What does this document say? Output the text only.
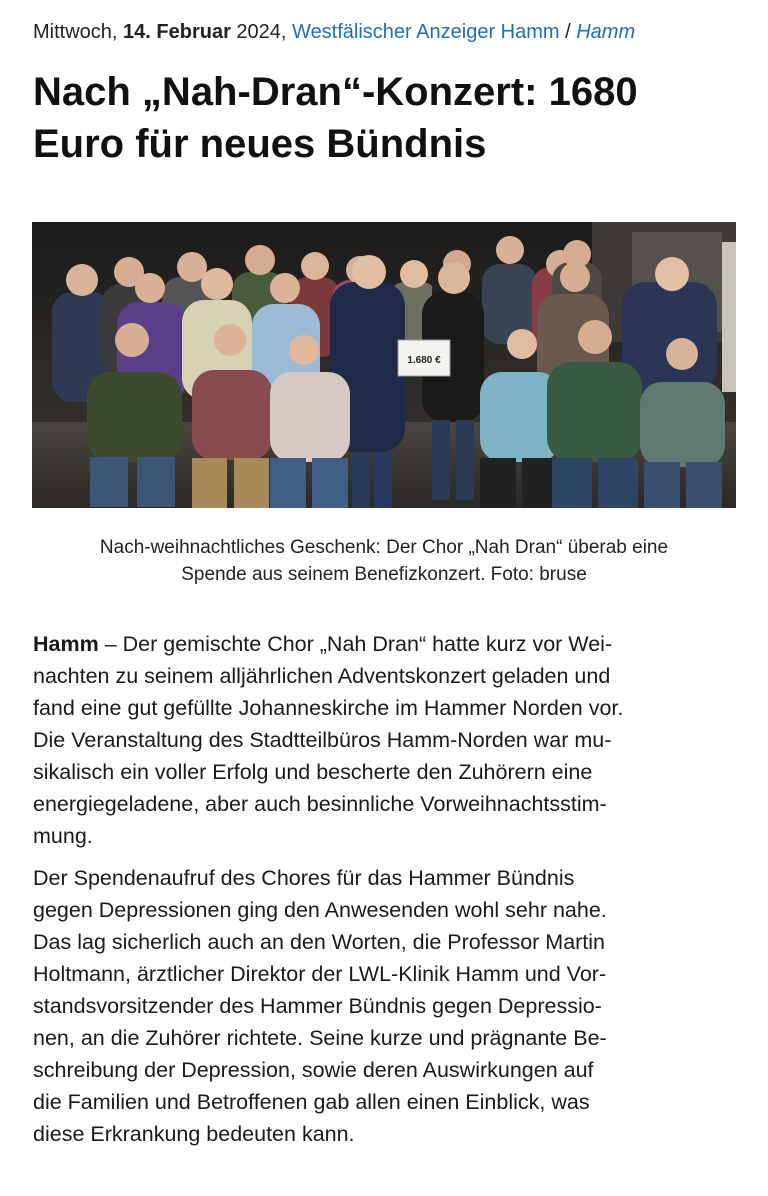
Mittwoch, 14. Februar 2024, Westfälischer Anzeiger Hamm / Hamm
Nach „Nah-Dran“-Konzert: 1680
Euro für neues Bündnis
1.680 €
Nach-weihnachtliches Geschenk: Der Chor „Nah Dran“ überab eine
Spende aus seinem Benefizkonzert. Foto: bruse

Hamm – Der gemischte Chor „Nah Dran“ hatte kurz vor Wei-
nachten zu seinem alljährlichen Adventskonzert geladen und
fand eine gut gefüllte Johanneskirche im Hammer Norden vor.
Die Veranstaltung des Stadtteilbüros Hamm-Norden war mu-
sikalisch ein voller Erfolg und bescherte den Zuhörern eine
energiegeladene, aber auch besinnliche Vorweihnachtsstim-
mung.

Der Spendenaufruf des Chores für das Hammer Bündnis
gegen Depressionen ging den Anwesenden wohl sehr nahe.
Das lag sicherlich auch an den Worten, die Professor Martin
Holtmann, ärztlicher Direktor der LWL-Klinik Hamm und Vor-
standsvorsitzender des Hammer Bündnis gegen Depressio-
nen, an die Zuhörer richtete. Seine kurze und prägnante Be-
schreibung der Depression, sowie deren Auswirkungen auf
die Familien und Betroffenen gab allen einen Einblick, was
diese Erkrankung bedeuten kann.
